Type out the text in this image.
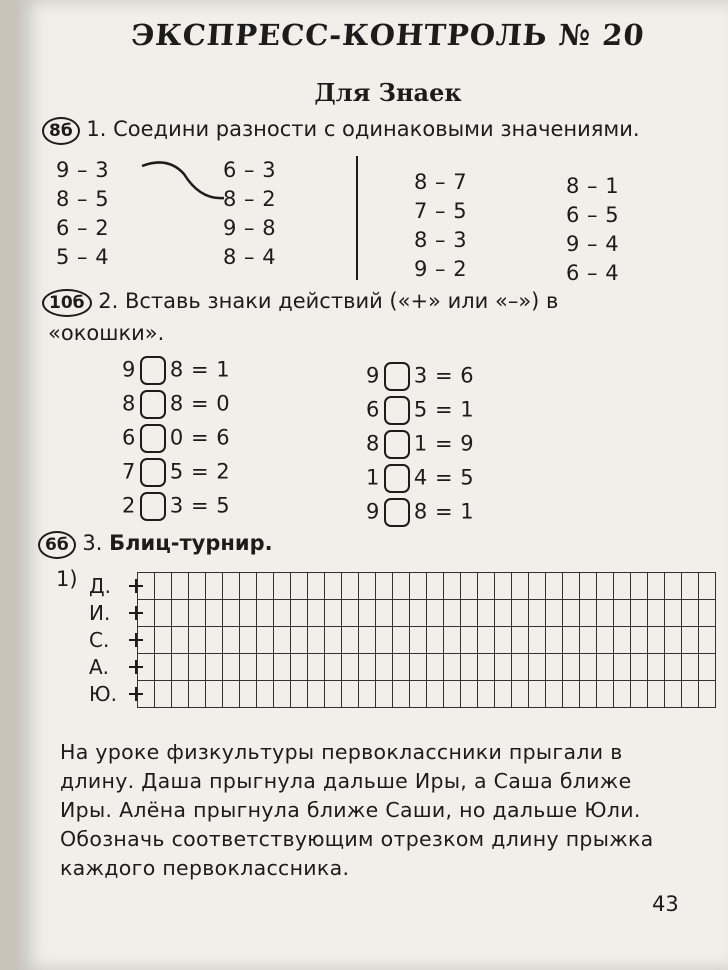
ЭКСПРЕСС-КОНТРОЛЬ № 20
Для Знаек
8б 1. Соедини разности с одинаковыми значениями.
9 – 3
8 – 5
6 – 2
5 – 4
6 – 3
8 – 2
9 – 8
8 – 4
8 – 7
7 – 5
8 – 3
9 – 2
8 – 1
6 – 5
9 – 4
6 – 4
10б 2. Вставь знаки действий («+» или «–») в
«окошки».
9 8 = 1
8 8 = 0
6 0 = 6
7 5 = 2
2 3 = 5
9 3 = 6
6 5 = 1
8 1 = 9
1 4 = 5
9 8 = 1
6б 3. Блиц-турнир.
1) Д.

И.

С.

А.

Ю.

На уроке физкультуры первоклассники прыгали в
длину. Даша прыгнула дальше Иры, а Саша ближе
Иры. Алёна прыгнула ближе Саши, но дальше Юли.
Обозначь соответствующим отрезком длину прыжка
каждого первоклассника.
43
